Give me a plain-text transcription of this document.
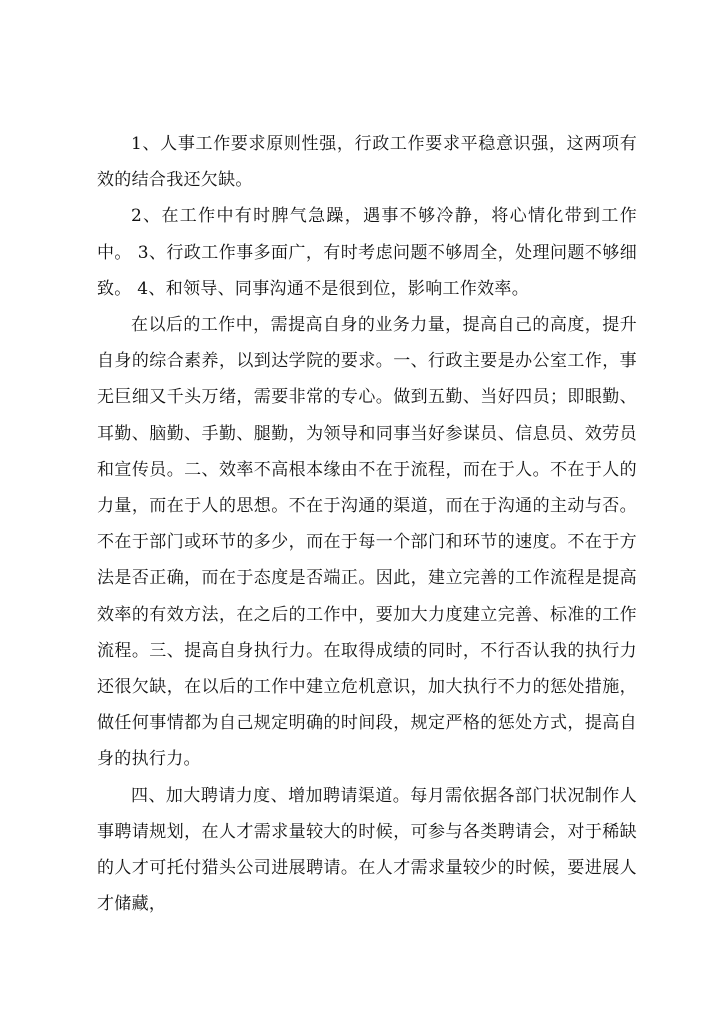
1、人事工作要求原则性强，行政工作要求平稳意识强，这两项有效的结合我还欠缺。

2、在工作中有时脾气急躁，遇事不够冷静，将心情化带到工作中。 3、行政工作事多面广，有时考虑问题不够周全，处理问题不够细致。 4、和领导、同事沟通不是很到位，影响工作效率。

在以后的工作中，需提高自身的业务力量，提高自己的高度，提升自身的综合素养，以到达学院的要求。一、行政主要是办公室工作，事无巨细又千头万绪，需要非常的专心。做到五勤、当好四员；即眼勤、耳勤、脑勤、手勤、腿勤，为领导和同事当好参谋员、信息员、效劳员和宣传员。二、效率不高根本缘由不在于流程，而在于人。不在于人的力量，而在于人的思想。不在于沟通的渠道，而在于沟通的主动与否。不在于部门或环节的多少，而在于每一个部门和环节的速度。不在于方法是否正确，而在于态度是否端正。因此，建立完善的工作流程是提高效率的有效方法，在之后的工作中，要加大力度建立完善、标准的工作流程。三、提高自身执行力。在取得成绩的同时，不行否认我的执行力还很欠缺，在以后的工作中建立危机意识，加大执行不力的惩处措施，做任何事情都为自己规定明确的时间段，规定严格的惩处方式，提高自身的执行力。

四、加大聘请力度、增加聘请渠道。每月需依据各部门状况制作人事聘请规划，在人才需求量较大的时候，可参与各类聘请会，对于稀缺的人才可托付猎头公司进展聘请。在人才需求量较少的时候，要进展人才储藏，
